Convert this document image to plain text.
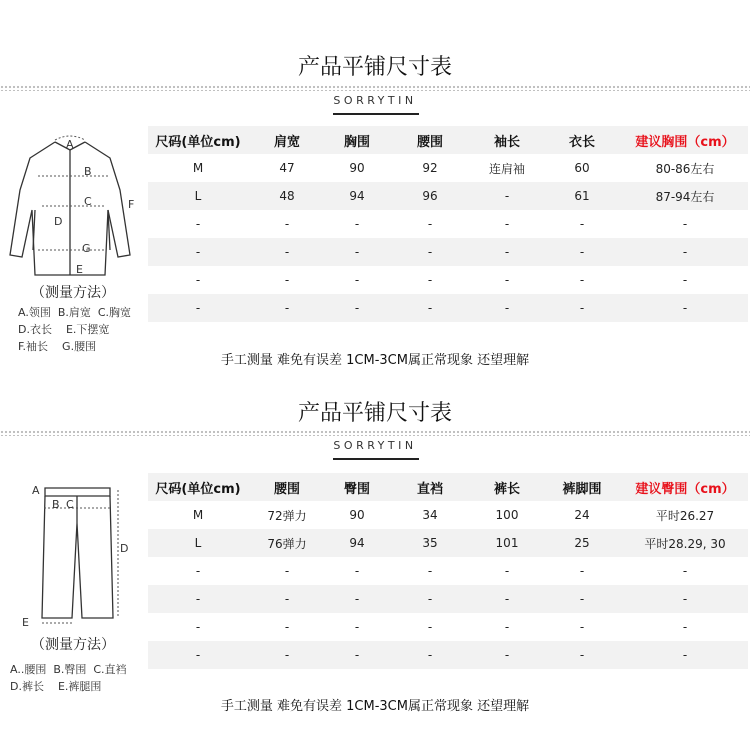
产品平铺尺寸表
SORRYTIN
A
B
C
D
E
F
G
（测量方法）
A.领围  B.肩宽  C.胸宽
D.衣长    E.下摆宽
F.袖长    G.腰围
尺码(单位cm)	肩宽	胸围	腰围	袖长	衣长	建议胸围（cm）
M	47	90	92	连肩袖	60	80-86左右
L	48	94	96	-	61	87-94左右
-	-	-	-	-	-	-
-	-	-	-	-	-	-
-	-	-	-	-	-	-
-	-	-	-	-	-	-
手工测量 难免有误差 1CM-3CM属正常现象 还望理解
产品平铺尺寸表
SORRYTIN
A
B C
D
E
（测量方法）
A..腰围  B.臀围  C.直裆
D.裤长    E.裤腿围
尺码(单位cm)	腰围	臀围	直裆	裤长	裤脚围	建议臀围（cm）
M	72弹力	90	34	100	24	平时26.27
L	76弹力	94	35	101	25	平时28.29, 30
-	-	-	-	-	-	-
-	-	-	-	-	-	-
-	-	-	-	-	-	-
-	-	-	-	-	-	-
手工测量 难免有误差 1CM-3CM属正常现象 还望理解
